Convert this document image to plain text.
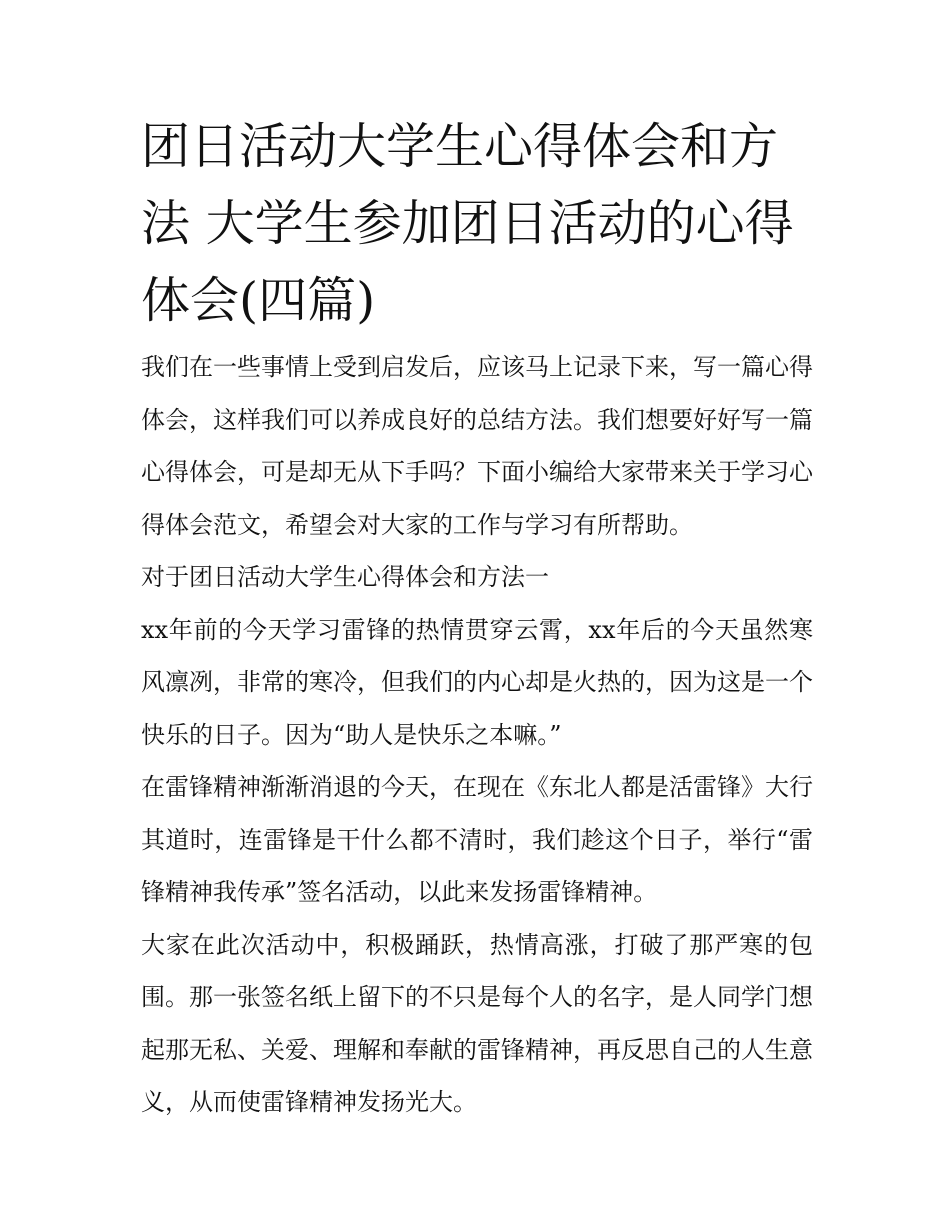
团日活动大学生心得体会和方法 大学生参加团日活动的心得体会(四篇)

我们在一些事情上受到启发后，应该马上记录下来，写一篇心得体会，这样我们可以养成良好的总结方法。我们想要好好写一篇心得体会，可是却无从下手吗？下面小编给大家带来关于学习心得体会范文，希望会对大家的工作与学习有所帮助。

对于团日活动大学生心得体会和方法一

xx年前的今天学习雷锋的热情贯穿云霄，xx年后的今天虽然寒风凛冽，非常的寒冷，但我们的内心却是火热的，因为这是一个快乐的日子。因为“助人是快乐之本嘛。”

在雷锋精神渐渐消退的今天，在现在《东北人都是活雷锋》大行其道时，连雷锋是干什么都不清时，我们趁这个日子，举行“雷锋精神我传承”签名活动，以此来发扬雷锋精神。

大家在此次活动中，积极踊跃，热情高涨，打破了那严寒的包围。那一张签名纸上留下的不只是每个人的名字，是人同学门想起那无私、关爱、理解和奉献的雷锋精神，再反思自己的人生意义，从而使雷锋精神发扬光大。
